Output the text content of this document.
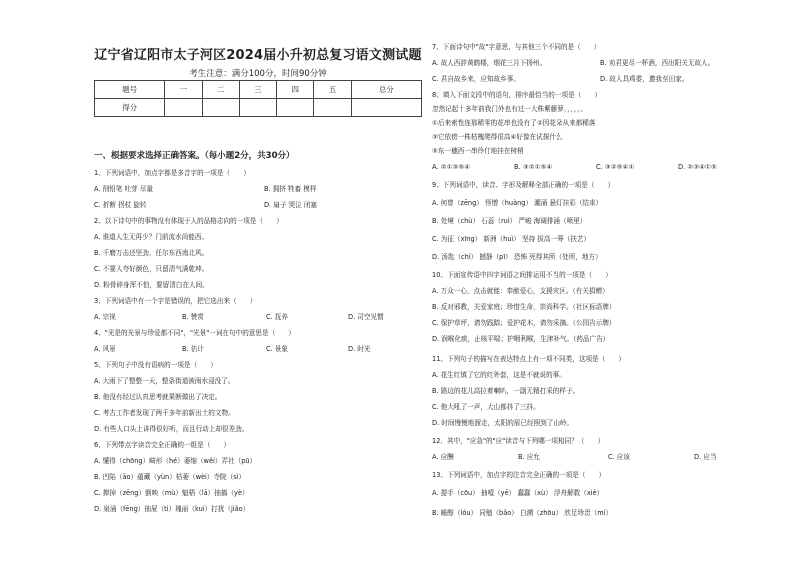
辽宁省辽阳市太子河区2024届小升初总复习语文测试题
考生注意：满分100分，时间90分钟
题号	一	二	三	四	五	总分
得分						
一、根据要求选择正确答案。（每小题2分，共30分）
1、下列词语中，加点字都是多音字的一项是（　　）
A. 削铅笔 吐芽 尽量	B. 拥挤 牲畜 模样
C. 折断 拐杖 旋转	D. 扇子 哭泣 闭塞
2、以下诗句中的事物没有体现于人的品格志向的一项是（　　）
A. 谁道人生无再少？门前流水尚能西。
B. 千磨万击还坚劲，任尔东西南北风。
C. 不要人夸好颜色，只留清气满乾坤。
D. 粉骨碎身浑不怕，要留清白在人间。
3、下列词语中有一个字是错误的，把它选出来（　　）
A. 宗视	B. 赞赏	C. 抚养	D. 司空见惯
4、"光是的光景与珍爱都不同"，"光景"一词在句中的意思是（　　）
A. 风景	B. 估计	C. 景象	D. 时光
5、下列句子中没有语病的一项是（　　）
A. 大雨下了整整一天，整条街道被雨水浸没了。
B. 他没有经过认真思考就果断做出了决定。
C. 考古工作者发现了两千多年前新出土的文物。
D. 有些人口头上讲得很好听，而且行动上却很差劲。
6、下列带点字读音完全正确的一组是（　　）
A. 懂得（chōng）畸形（hé）萎缩（wěi）弄社（pū）
B. 凹陷（āo）蕴藏（yùn）枯萎（wèi）寺院（sì）
C. 掸掉（zēng）倒映（mù）魁梧（lā）抽搐（yè）
D. 泉涌（fēng）抽屉（tì）瑰丽（kuí）打扰（jiǎo）
7、下面诗句中"故"字意思，与其他三个不同的是（　　）
A. 故人西辞黄鹤楼，烟花三月下扬州。	B. 劝君更尽一杯酒，西出阳关无故人。
C. 君自故乡来，应知故乡事。	D. 故人具鸡黍，邀我至田家。
8、填入下面文段中的语句，排序最恰当的一项是（　　）
忽然记起十多年前我门外也有过一大株紫藤萝，，，，，。
①后来索性连那稀零的花串也没有了②因花朵从来都稀落
③它依傍一株枯槐爬得很高④好像在试探什么
⑤东一穗西一串伶仃地挂在树梢
A. ②①③⑤④	B. ③②①⑤④	C. ③②⑤④①	D. ②③④①⑤
9、下列词语中，读音、字形及解释全部正确的一项是（　　）
A. 何曾（zēng） 怪憎（huàng） 潮涌 悬灯挂彩（结束）
B. 处境（chù） 石蕊（ruì） 严峻 海阔排涌（喷里）
C. 为征（xīng） 新洲（huì） 坚持 拔高一筹（扶艺）
D. 汤匙（chí） 撼静（pī） 恐怖 死得其所（处所，地方）
10、下面宣传语中四字词语之间排运用不当的一项是（　　）
A. 万众一心，点击就能：奉献爱心，支援灾区。（有关捐赠）
B. 反对邪教，关爱家庭；珍惜生命，崇尚科学。（社区标语牌）
C. 保护草坪，请勿践踏；爱护花木，请勿采摘。（公园告示牌）
D. 润喉化痰，止咳平喘；护咽利喉，生津补气。（药品广告）
11、下列句子的描写在表达特点上有一项不同类，这项是（　　）
A. 花生红镇了它的红外套，这是不就说的事。
B. 路边的花儿高拉着喇叭，一副无精打采的样子。
C. 他大吼了一声，大山都抖了三抖。
D. 时间慢慢地溜走，太阳的眉已经照到了山岭。
12、其中，"应急"的"应"读音与下列哪一项相同？（　　）
A. 应酬	B. 应允	C. 应该	D. 应当
13、下列词语中，加点字的注音完全正确的一项是（　　）
A. 提手（cōu） 抽噎（yē） 蠢蠢（xù） 浮舟解救（xiè）
B. 睡醇（lóu） 同勉（bǎo） 白溯（zhōu） 欣足珍贵（mí）
